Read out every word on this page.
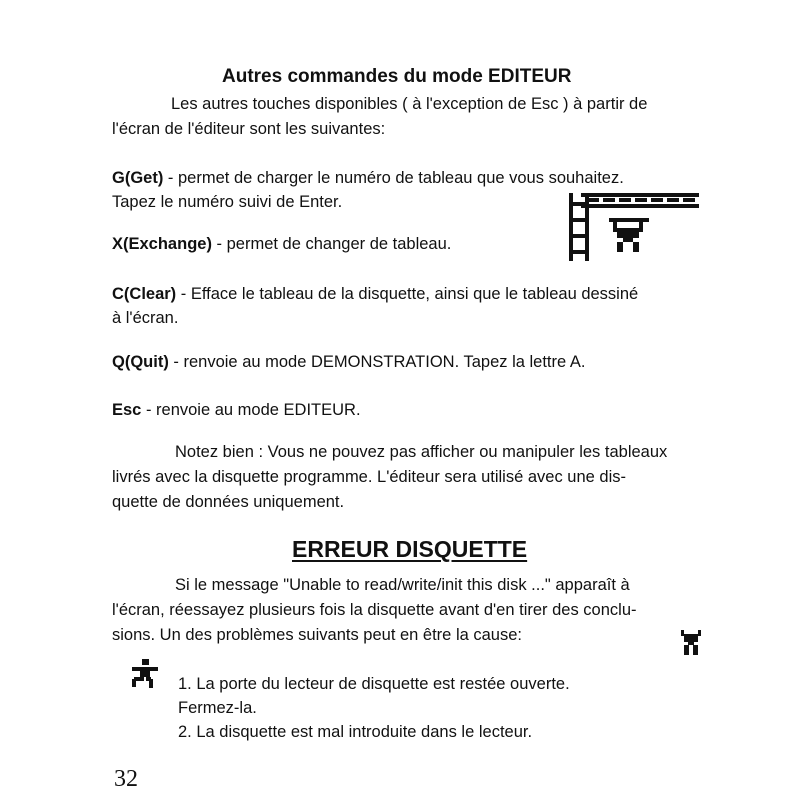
Autres commandes du mode EDITEUR

Les autres touches disponibles ( à l'exception de Esc ) à partir de

l'écran de l'éditeur sont les suivantes:

G(Get) - permet de charger le numéro de tableau que vous souhaitez.

Tapez le numéro suivi de Enter.

X(Exchange) - permet de changer de tableau.

C(Clear) - Efface le tableau de la disquette, ainsi que le tableau dessiné

à l'écran.

Q(Quit) - renvoie au mode DEMONSTRATION. Tapez la lettre A.

Esc - renvoie au mode EDITEUR.

Notez bien : Vous ne pouvez pas afficher ou manipuler les tableaux

livrés avec la disquette programme. L'éditeur sera utilisé avec une dis-

quette de données uniquement.

ERREUR DISQUETTE

Si le message "Unable to read/write/init this disk ..." apparaît à

l'écran, réessayez plusieurs fois la disquette avant d'en tirer des conclu-

sions. Un des problèmes suivants peut en être la cause:

1. La porte du lecteur de disquette est restée ouverte.

Fermez-la.

2. La disquette est mal introduite dans le lecteur.

32
